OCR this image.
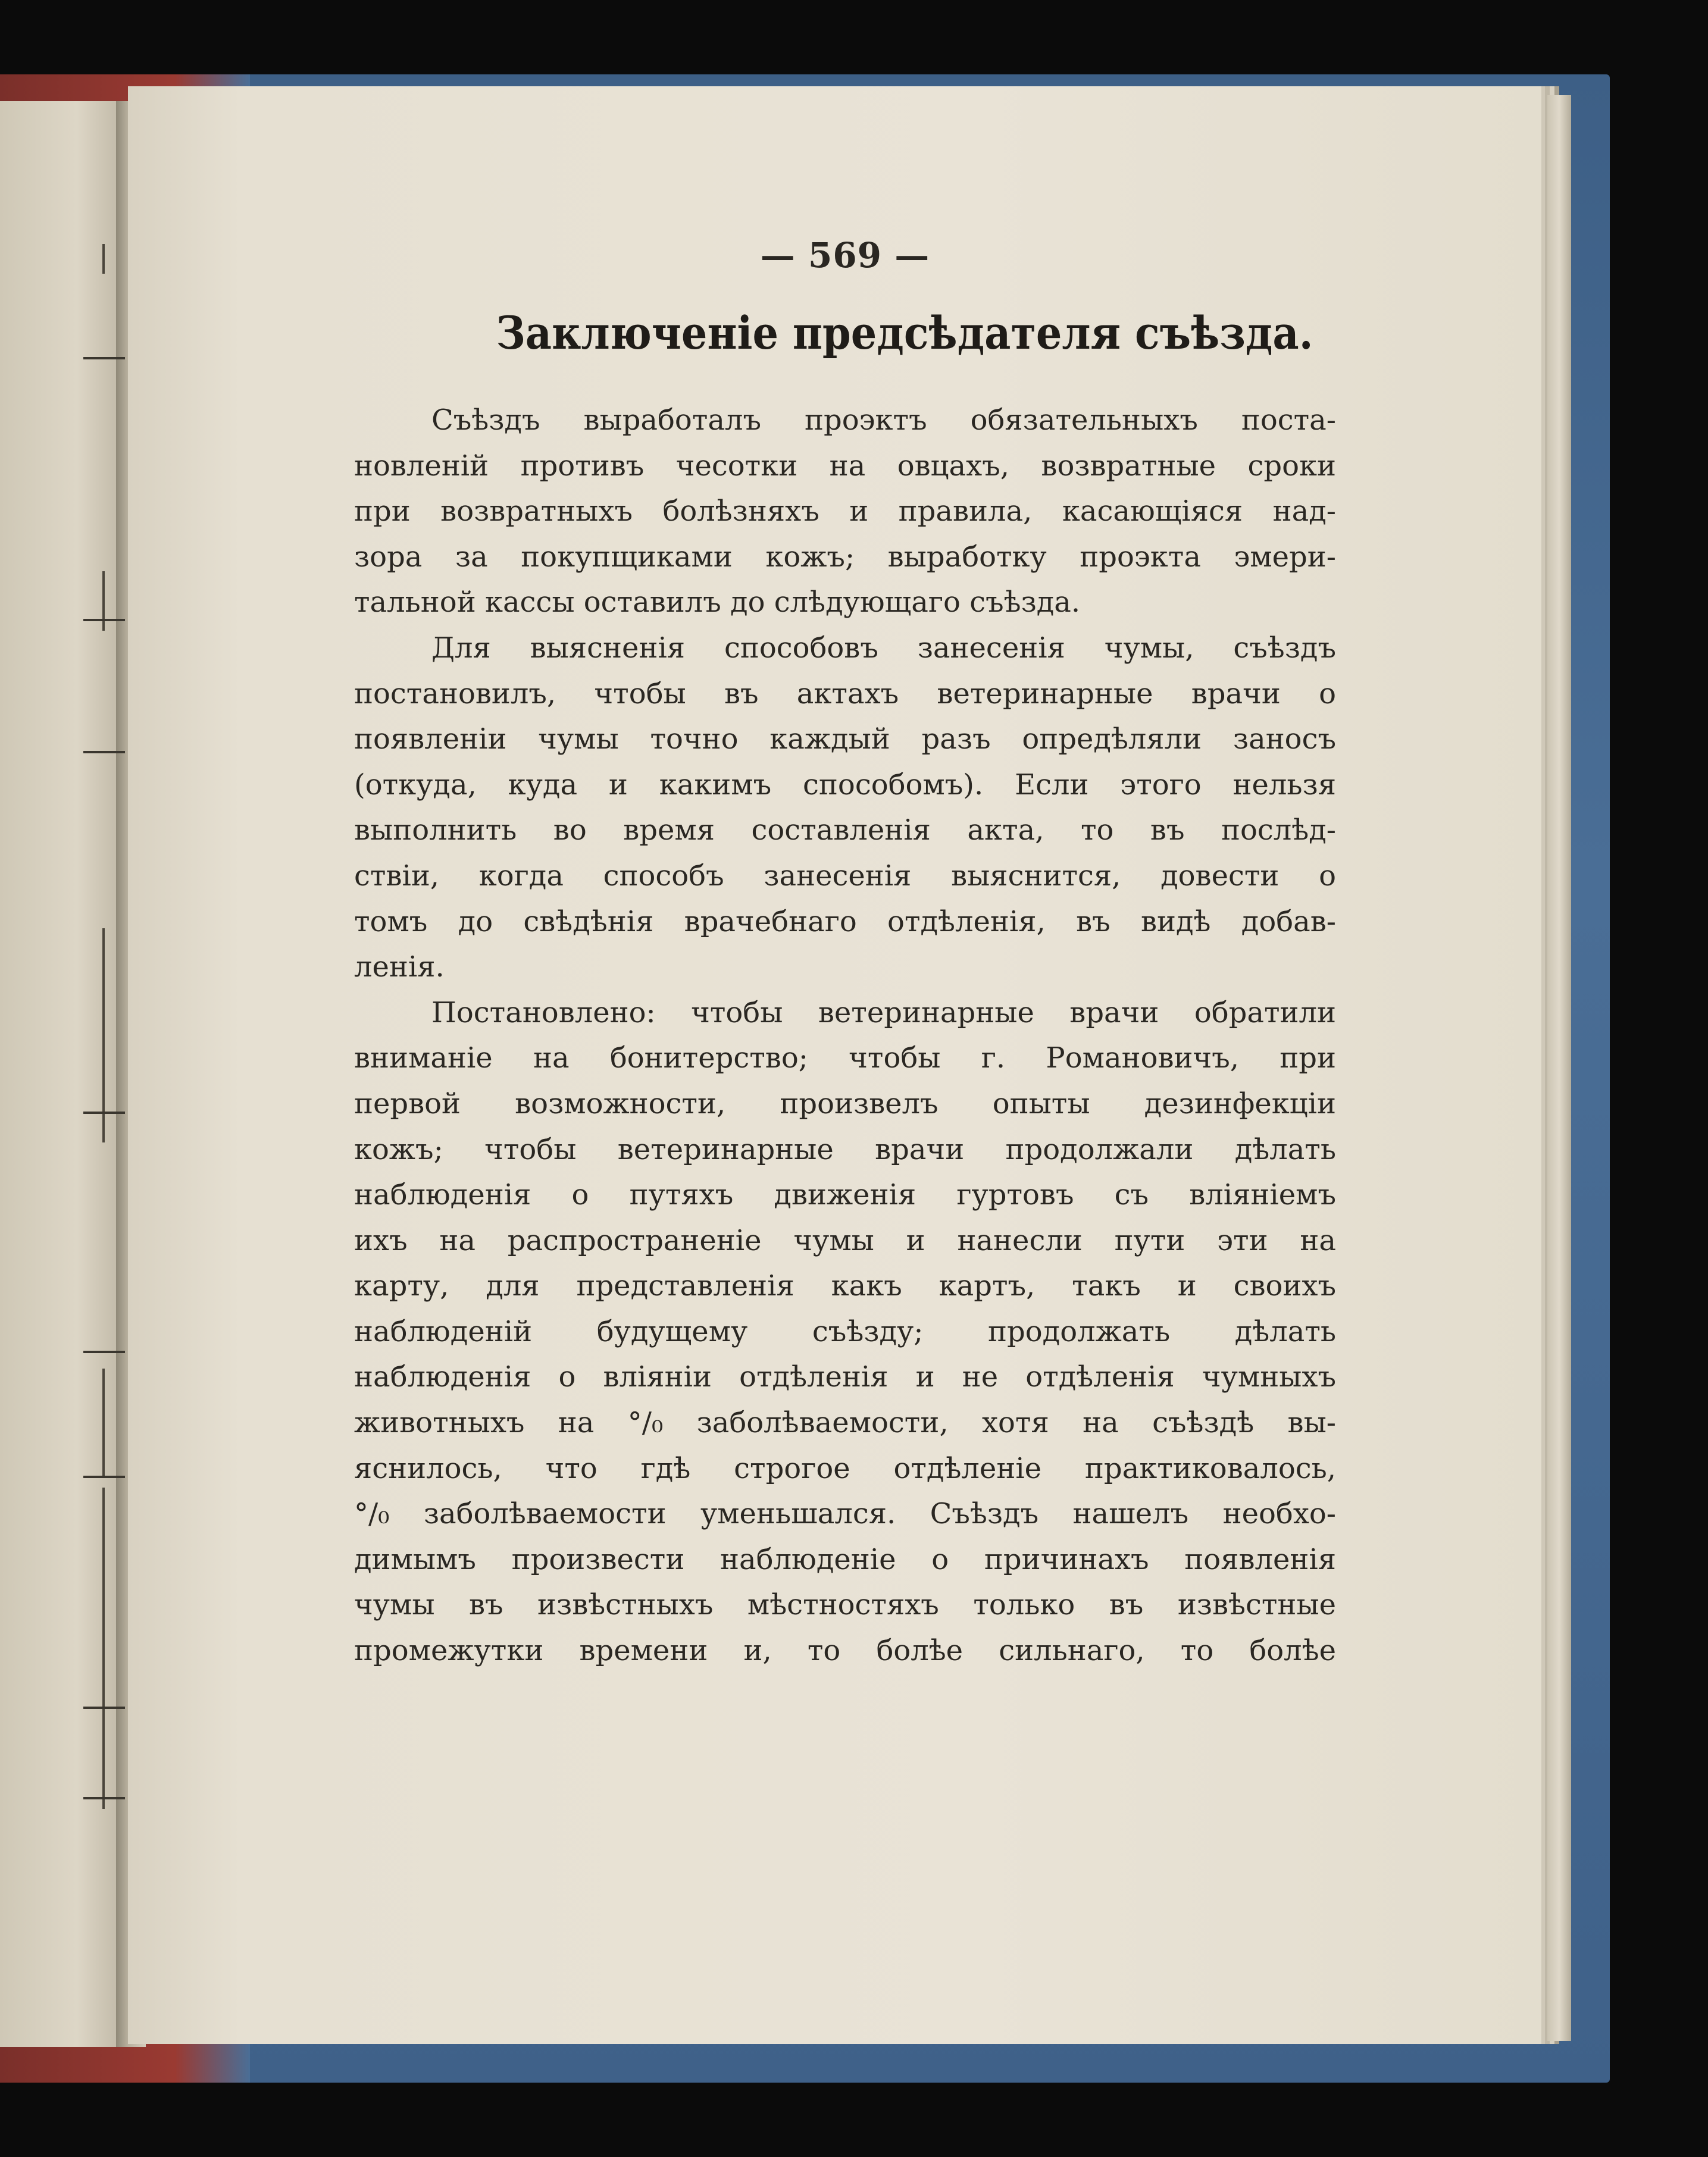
— 569 —
Заключеніе предсѣдателя съѣзда.
Съѣздъ выработалъ проэктъ обязательныхъ поста-
новленій противъ чесотки на овцахъ, возвратные сроки
при возвратныхъ болѣзняхъ и правила, касающіяся над-
зора за покупщиками кожъ; выработку проэкта эмери-
тальной кассы оставилъ до слѣдующаго съѣзда.
Для выясненія способовъ занесенія чумы, съѣздъ
постановилъ, чтобы въ актахъ ветеринарные врачи о
появленіи чумы точно каждый разъ опредѣляли заносъ
(откуда, куда и какимъ способомъ). Если этого нельзя
выполнить во время составленія акта, то въ послѣд-
ствіи, когда способъ занесенія выяснится, довести о
томъ до свѣдѣнія врачебнаго отдѣленія, въ видѣ добав-
ленія.
Постановлено: чтобы ветеринарные врачи обратили
вниманіе на бонитерство; чтобы г. Романовичъ, при
первой возможности, произвелъ опыты дезинфекціи
кожъ; чтобы ветеринарные врачи продолжали дѣлать
наблюденія о путяхъ движенія гуртовъ съ вліяніемъ
ихъ на распространеніе чумы и нанесли пути эти на
карту, для представленія какъ картъ, такъ и своихъ
наблюденій будущему съѣзду; продолжать дѣлать
наблюденія о вліяніи отдѣленія и не отдѣленія чумныхъ
животныхъ на °/₀ заболѣваемости, хотя на съѣздѣ вы-
яснилось, что гдѣ строгое отдѣленіе практиковалось,
°/₀ заболѣваемости уменьшался. Съѣздъ нашелъ необхо-
димымъ произвести наблюденіе о причинахъ появленія
чумы въ извѣстныхъ мѣстностяхъ только въ извѣстные
промежутки времени и, то болѣе сильнаго, то болѣе
